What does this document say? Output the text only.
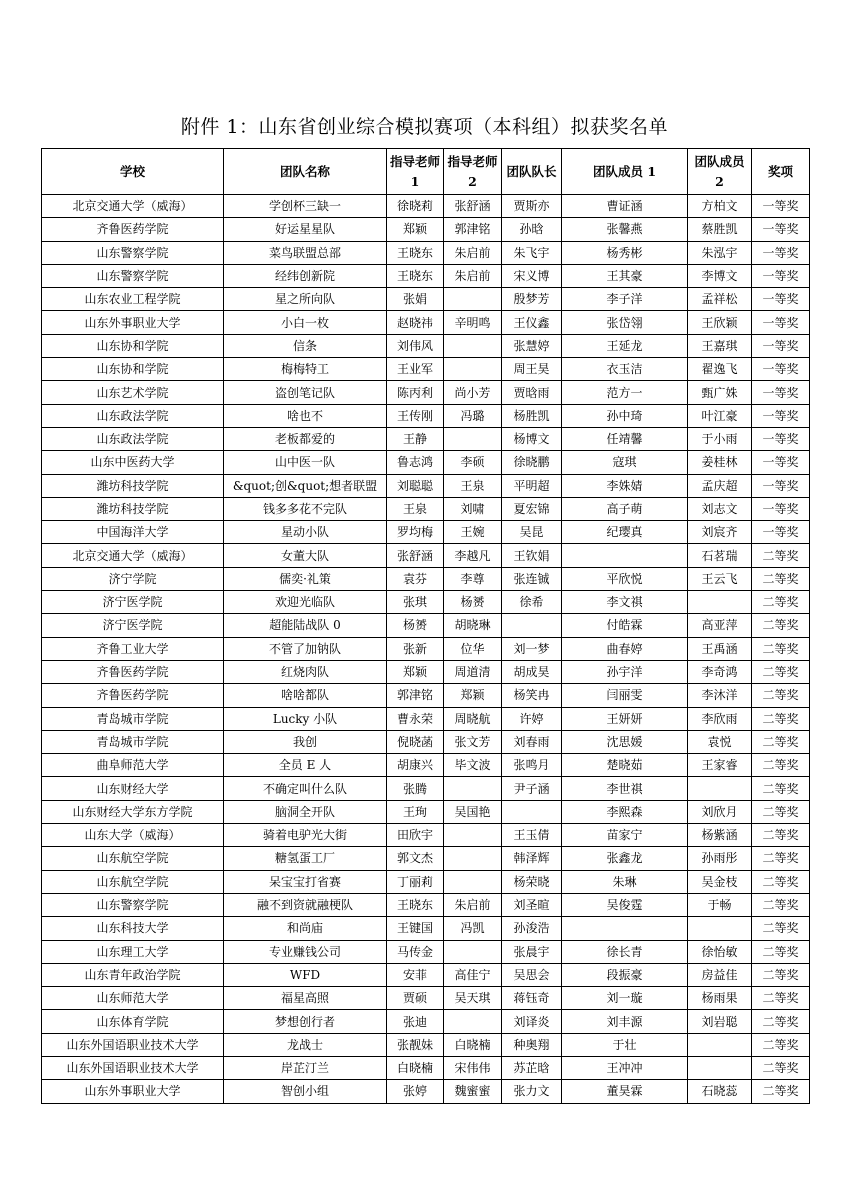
附件 1：山东省创业综合模拟赛项（本科组）拟获奖名单
学校	团队名称	指导老师1	指导老师 2	团队队长	团队成员 1	团队成员 2	奖项
北京交通大学（威海）	学创杯三缺一	徐晓莉	张舒涵	贾斯亦	曹证涵	方柏文	一等奖
齐鲁医药学院	好运星星队	郑颖	郭津铭	孙晗	张馨燕	蔡胜凯	一等奖
山东警察学院	菜鸟联盟总部	王晓东	朱启前	朱飞宇	杨秀彬	朱泓宇	一等奖
山东警察学院	经纬创新院	王晓东	朱启前	宋义博	王其豪	李博文	一等奖
山东农业工程学院	星之所向队	张娟		殷梦芳	李子洋	孟祥松	一等奖
山东外事职业大学	小白一枚	赵晓祎	辛明鸣	王仪鑫	张岱翎	王欣颖	一等奖
山东协和学院	信条	刘伟风		张慧婷	王延龙	王嘉琪	一等奖
山东协和学院	梅梅特工	王业军		周王昊	衣玉洁	翟逸飞	一等奖
山东艺术学院	盗创笔记队	陈丙利	尚小芳	贾晗雨	范方一	甄广姝	一等奖
山东政法学院	啥也不	王传刚	冯璐	杨胜凯	孙中琦	叶江豪	一等奖
山东政法学院	老板都爱的	王静		杨博文	任靖馨	于小雨	一等奖
山东中医药大学	山中医一队	鲁志鸿	李硕	徐晓鹏	寇琪	姜桂林	一等奖
潍坊科技学院	&quot;创&quot;想者联盟	刘聪聪	王泉	平明超	李姝婧	孟庆超	一等奖
潍坊科技学院	钱多多花不完队	王泉	刘啸	夏宏锦	高子萌	刘志文	一等奖
中国海洋大学	星动小队	罗均梅	王婉	吴昆	纪璎真	刘宸齐	一等奖
北京交通大学（威海）	女董大队	张舒涵	李越凡	王钦娟		石茗瑞	二等奖
济宁学院	儒奕·礼策	袁芬	李尊	张连铖	平欣悦	王云飞	二等奖
济宁医学院	欢迎光临队	张琪	杨赟	徐希	李文祺		二等奖
济宁医学院	超能陆战队 0	杨赟	胡晓琳		付皓霖	高亚萍	二等奖
齐鲁工业大学	不管了加钠队	张新	位华	刘一梦	曲春婷	王禹涵	二等奖
齐鲁医药学院	红烧肉队	郑颖	周道清	胡成昊	孙宇洋	李奇鸿	二等奖
齐鲁医药学院	啥啥都队	郭津铭	郑颖	杨笑冉	闫丽雯	李沐洋	二等奖
青岛城市学院	Lucky 小队	曹永荣	周晓航	许婷	王妍妍	李欣雨	二等奖
青岛城市学院	我创	倪晓菡	张文芳	刘春雨	沈思媛	袁悦	二等奖
曲阜师范大学	全员 E 人	胡康兴	毕文波	张鸣月	楚晓茹	王家睿	二等奖
山东财经大学	不确定叫什么队	张腾		尹子涵	李世祺		二等奖
山东财经大学东方学院	脑洞全开队	王珣	吴国艳		李熙森	刘欣月	二等奖
山东大学（威海）	骑着电驴光大街	田欣宇		王玉倩	苗家宁	杨紫涵	二等奖
山东航空学院	糖氢蛋工厂	郭文杰		韩泽辉	张鑫龙	孙雨彤	二等奖
山东航空学院	呆宝宝打省赛	丁丽莉		杨荣晓	朱琳	吴金枝	二等奖
山东警察学院	融不到资就融梗队	王晓东	朱启前	刘圣暄	吴俊霆	于畅	二等奖
山东科技大学	和尚庙	王键国	冯凯	孙浚浩			二等奖
山东理工大学	专业赚钱公司	马传金		张晨宇	徐长青	徐怡敏	二等奖
山东青年政治学院	WFD	安菲	高佳宁	吴思会	段振豪	房益佳	二等奖
山东师范大学	福星高照	贾硕	吴天琪	蒋钰奇	刘一璇	杨雨果	二等奖
山东体育学院	梦想创行者	张迪		刘译炎	刘丰源	刘岩聪	二等奖
山东外国语职业技术大学	龙战士	张靓妹	白晓楠	种奥翔	于壮		二等奖
山东外国语职业技术大学	岸芷汀兰	白晓楠	宋伟伟	苏芷晗	王冲冲		二等奖
山东外事职业大学	智创小组	张婷	魏蜜蜜	张力文	董昊霖	石晓蕊	二等奖
